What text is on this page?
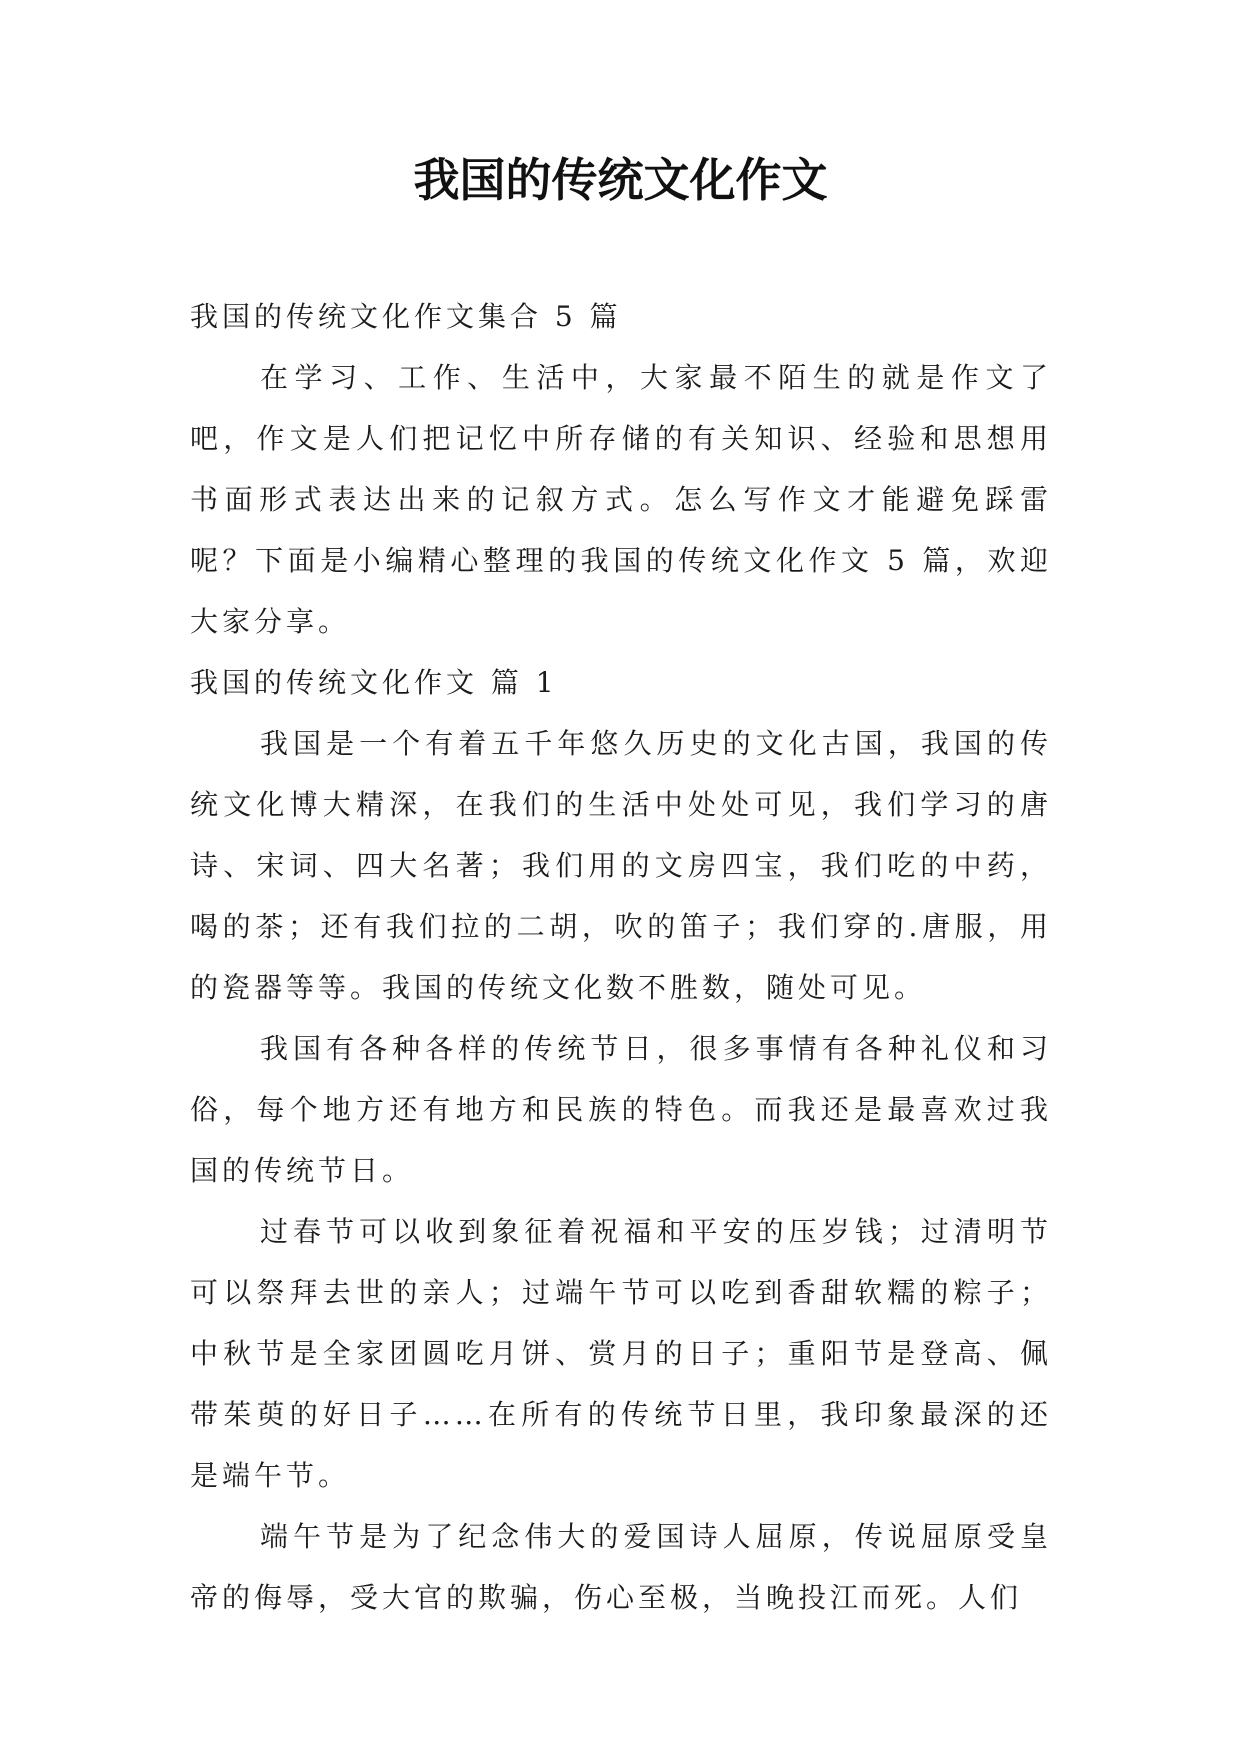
我国的传统文化作文

我国的传统文化作文集合 5 篇

在学习、工作、生活中，大家最不陌生的就是作文了吧，作文是人们把记忆中所存储的有关知识、经验和思想用书面形式表达出来的记叙方式。怎么写作文才能避免踩雷呢？下面是小编精心整理的我国的传统文化作文 5 篇，欢迎大家分享。

我国的传统文化作文 篇 1

我国是一个有着五千年悠久历史的文化古国，我国的传统文化博大精深，在我们的生活中处处可见，我们学习的唐诗、宋词、四大名著；我们用的文房四宝，我们吃的中药，喝的茶；还有我们拉的二胡，吹的笛子；我们穿的.唐服，用的瓷器等等。我国的传统文化数不胜数，随处可见。

我国有各种各样的传统节日，很多事情有各种礼仪和习俗，每个地方还有地方和民族的特色。而我还是最喜欢过我国的传统节日。

过春节可以收到象征着祝福和平安的压岁钱；过清明节可以祭拜去世的亲人；过端午节可以吃到香甜软糯的粽子；中秋节是全家团圆吃月饼、赏月的日子；重阳节是登高、佩带茱萸的好日子……在所有的传统节日里，我印象最深的还是端午节。

端午节是为了纪念伟大的爱国诗人屈原，传说屈原受皇帝的侮辱，受大官的欺骗，伤心至极，当晚投江而死。人们
